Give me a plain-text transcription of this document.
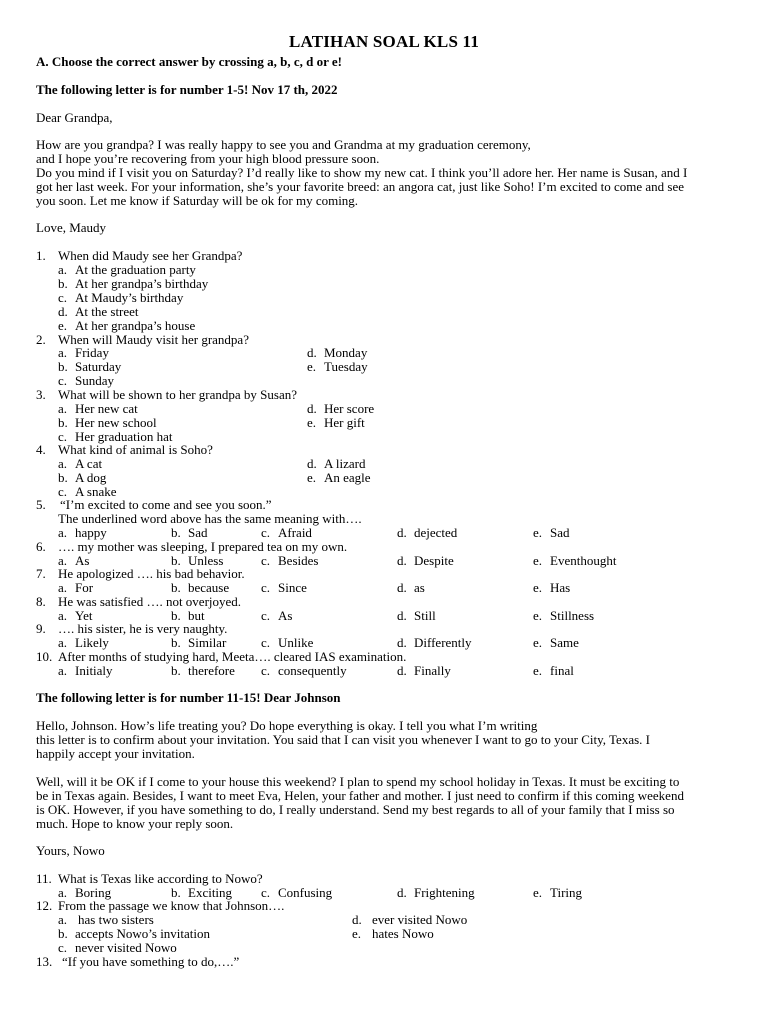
LATIHAN SOAL KLS 11
A. Choose the correct answer by crossing a, b, c, d or e!
The following letter is for number 1-5! Nov 17 th, 2022
Dear Grandpa,
How are you grandpa? I was really happy to see you and Grandma at my graduation ceremony,
and I hope you’re recovering from your high blood pressure soon.
Do you mind if I visit you on Saturday? I’d really like to show my new cat. I think you’ll adore her. Her name is Susan, and I
got her last week. For your information, she’s your favorite breed: an angora cat, just like Soho! I’m excited to come and see
you soon. Let me know if Saturday will be ok for my coming.
Love, Maudy
1. When did Maudy see her Grandpa?
a. At the graduation party
b. At her grandpa’s birthday
c. At Maudy’s birthday
d. At the street
e. At her grandpa’s house
2. When will Maudy visit her grandpa?
a. Friday
b. Saturday
c. Sunday
d. Monday
e. Tuesday
3. What will be shown to her grandpa by Susan?
a. Her new cat
b. Her new school
c. Her graduation hat
d. Her score
e. Her gift
4. What kind of animal is Soho?
a. A cat
b. A dog
c. A snake
d. A lizard
e. An eagle
5. “I’m excited to come and see you soon.”
The underlined word above has the same meaning with….
a. happy	b. Sad	c. Afraid	d. dejected	e. Sad
6. …. my mother was sleeping, I prepared tea on my own.
a. As	b. Unless	c. Besides	d. Despite	e. Eventhought
7. He apologized …. his bad behavior.
a. For	b. because c. Since	d. as	e. Has
8. He was satisfied …. not overjoyed.
a. Yet	b. but	c. As	d. Still	e. Stillness
9. …. his sister, he is very naughty.
a. Likely	b. Similar	c. Unlike	d. Differently	e. Same
10. After months of studying hard, Meeta…. cleared IAS examination.
a. Initialy	b. therefore c. consequently	d. Finally	e. final
The following letter is for number 11-15! Dear Johnson
Hello, Johnson. How’s life treating you? Do hope everything is okay. I tell you what I’m writing
this letter is to confirm about your invitation. You said that I can visit you whenever I want to go to your City, Texas. I
happily accept your invitation.
Well, will it be OK if I come to your house this weekend? I plan to spend my school holiday in Texas. It must be exciting to
be in Texas again. Besides, I want to meet Eva, Helen, your father and mother. I just need to confirm if this coming weekend
is OK. However, if you have something to do, I really understand. Send my best regards to all of your family that I miss so
much. Hope to know your reply soon.
Yours, Nowo
11. What is Texas like according to Nowo?
a. Boring	b. Exciting c. Confusing	d. Frightening	e. Tiring
12. From the passage we know that Johnson….
a. has two sisters
b. accepts Nowo’s invitation
c. never visited Nowo
d. ever visited Nowo
e. hates Nowo
13. “If you have something to do,….”
